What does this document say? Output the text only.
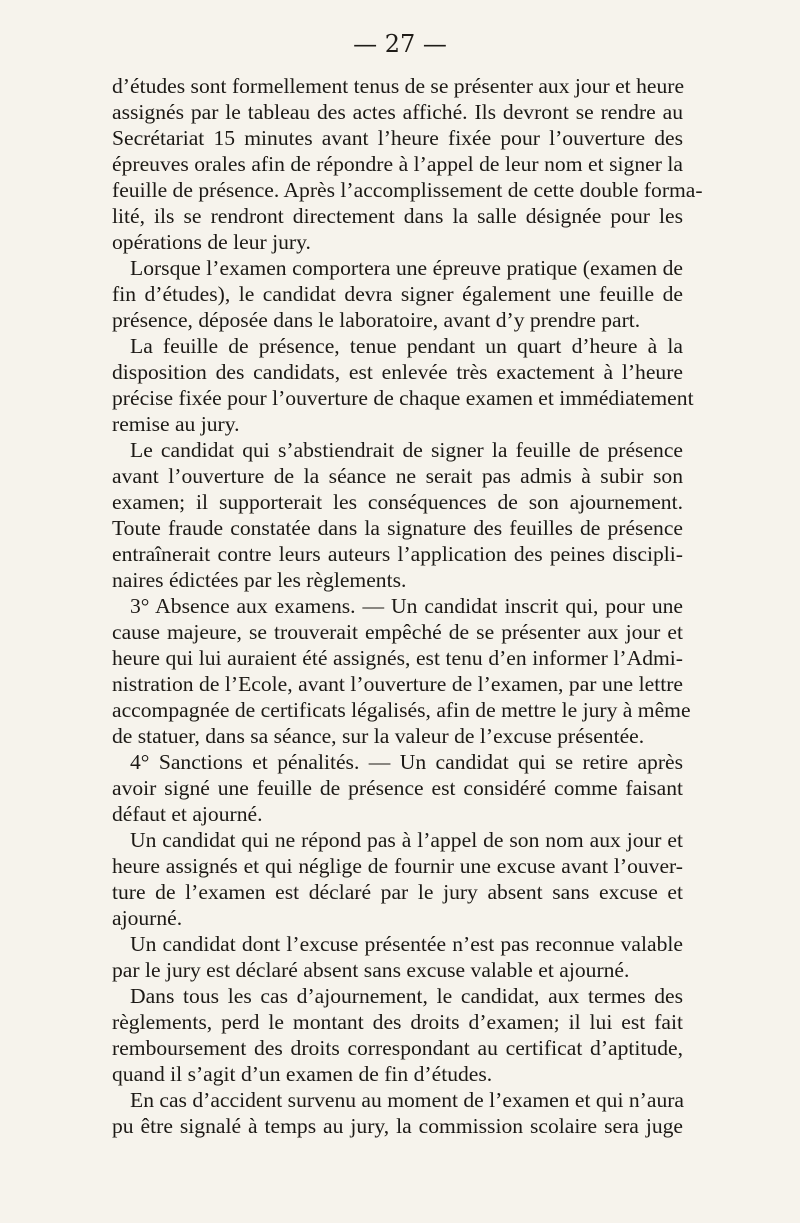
— 27 —
d’études sont formellement tenus de se présenter aux jour et heure
assignés par le tableau des actes affiché. Ils devront se rendre au
Secrétariat 15 minutes avant l’heure fixée pour l’ouverture des
épreuves orales afin de répondre à l’appel de leur nom et signer la
feuille de présence. Après l’accomplissement de cette double forma-
lité, ils se rendront directement dans la salle désignée pour les
opérations de leur jury.
Lorsque l’examen comportera une épreuve pratique (examen de
fin d’études), le candidat devra signer également une feuille de
présence, déposée dans le laboratoire, avant d’y prendre part.
La feuille de présence, tenue pendant un quart d’heure à la
disposition des candidats, est enlevée très exactement à l’heure
précise fixée pour l’ouverture de chaque examen et immédiatement
remise au jury.
Le candidat qui s’abstiendrait de signer la feuille de présence
avant l’ouverture de la séance ne serait pas admis à subir son
examen; il supporterait les conséquences de son ajournement.
Toute fraude constatée dans la signature des feuilles de présence
entraînerait contre leurs auteurs l’application des peines discipli-
naires édictées par les règlements.
3° Absence aux examens. — Un candidat inscrit qui, pour une
cause majeure, se trouverait empêché de se présenter aux jour et
heure qui lui auraient été assignés, est tenu d’en informer l’Admi-
nistration de l’Ecole, avant l’ouverture de l’examen, par une lettre
accompagnée de certificats légalisés, afin de mettre le jury à même
de statuer, dans sa séance, sur la valeur de l’excuse présentée.
4° Sanctions et pénalités. — Un candidat qui se retire après
avoir signé une feuille de présence est considéré comme faisant
défaut et ajourné.
Un candidat qui ne répond pas à l’appel de son nom aux jour et
heure assignés et qui néglige de fournir une excuse avant l’ouver-
ture de l’examen est déclaré par le jury absent sans excuse et
ajourné.
Un candidat dont l’excuse présentée n’est pas reconnue valable
par le jury est déclaré absent sans excuse valable et ajourné.
Dans tous les cas d’ajournement, le candidat, aux termes des
règlements, perd le montant des droits d’examen; il lui est fait
remboursement des droits correspondant au certificat d’aptitude,
quand il s’agit d’un examen de fin d’études.
En cas d’accident survenu au moment de l’examen et qui n’aura
pu être signalé à temps au jury, la commission scolaire sera juge
